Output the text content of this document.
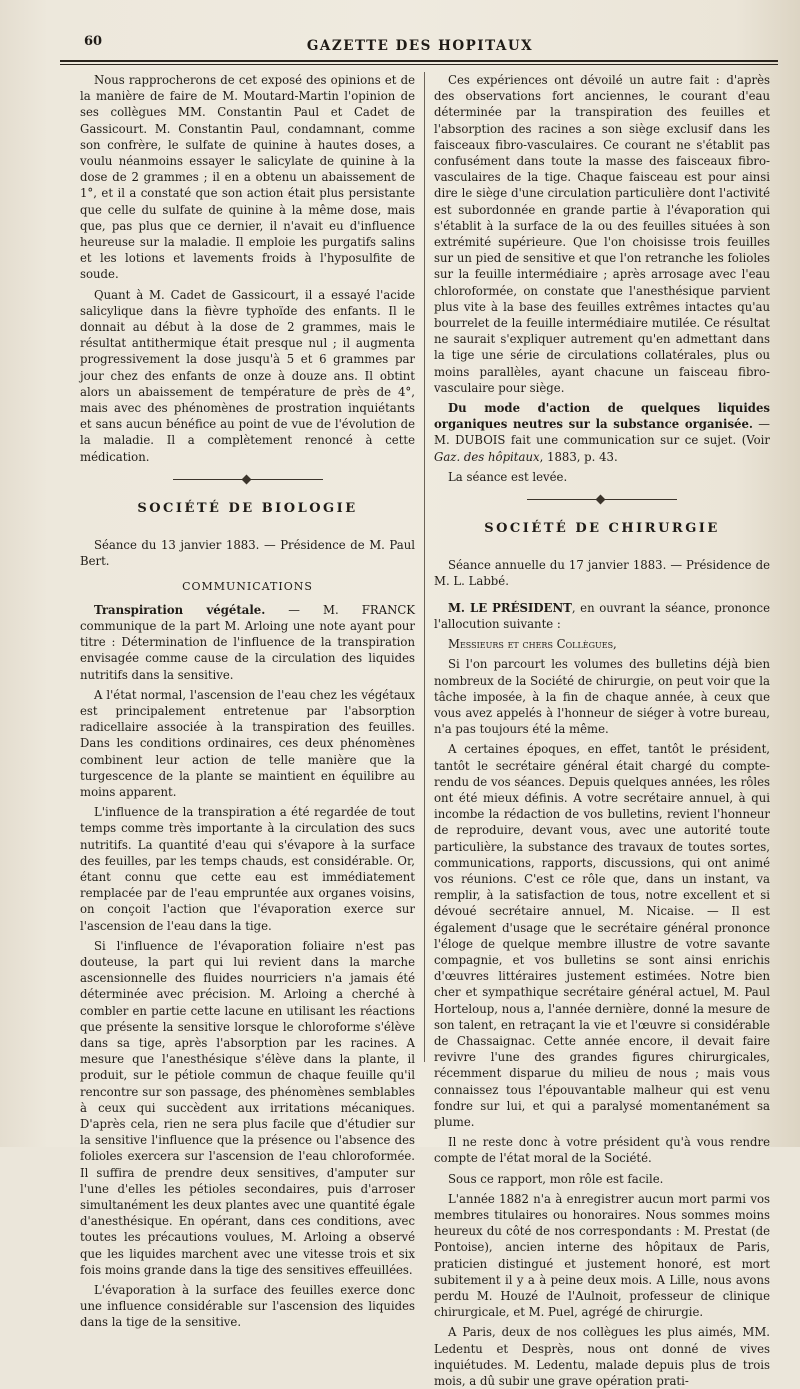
60	GAZETTE DES HOPITAUX

Nous rapprocherons de cet exposé des opinions et de la manière de faire de M. Moutard-Martin l'opinion de ses collègues MM. Constantin Paul et Cadet de Gassicourt. M. Constantin Paul, condamnant, comme son confrère, le sulfate de quinine à hautes doses, a voulu néanmoins essayer le salicylate de quinine à la dose de 2 grammes ; il en a obtenu un abaissement de 1°, et il a constaté que son action était plus persistante que celle du sulfate de quinine à la même dose, mais que, pas plus que ce dernier, il n'avait eu d'influence heureuse sur la maladie. Il emploie les purgatifs salins et les lotions et lavements froids à l'hyposulfite de soude.

Quant à M. Cadet de Gassicourt, il a essayé l'acide salicylique dans la fièvre typhoïde des enfants. Il le donnait au début à la dose de 2 grammes, mais le résultat antithermique était presque nul ; il augmenta progressivement la dose jusqu'à 5 et 6 grammes par jour chez des enfants de onze à douze ans. Il obtint alors un abaissement de température de près de 4°, mais avec des phénomènes de prostration inquiétants et sans aucun bénéfice au point de vue de l'évolution de la maladie. Il a complètement renoncé à cette médication.

SOCIÉTÉ DE BIOLOGIE

Séance du 13 janvier 1883. — Présidence de M. Paul Bert.

COMMUNICATIONS

Transpiration végétale. — M. FRANCK communique de la part M. Arloing une note ayant pour titre : Détermination de l'influence de la transpiration envisagée comme cause de la circulation des liquides nutritifs dans la sensitive.

A l'état normal, l'ascension de l'eau chez les végétaux est principalement entretenue par l'absorption radicellaire associée à la transpiration des feuilles. Dans les conditions ordinaires, ces deux phénomènes combinent leur action de telle manière que la turgescence de la plante se maintient en équilibre au moins apparent.

L'influence de la transpiration a été regardée de tout temps comme très importante à la circulation des sucs nutritifs. La quantité d'eau qui s'évapore à la surface des feuilles, par les temps chauds, est considérable. Or, étant connu que cette eau est immédiatement remplacée par de l'eau empruntée aux organes voisins, on conçoit l'action que l'évaporation exerce sur l'ascension de l'eau dans la tige.

Si l'influence de l'évaporation foliaire n'est pas douteuse, la part qui lui revient dans la marche ascensionnelle des fluides nourriciers n'a jamais été déterminée avec précision. M. Arloing a cherché à combler en partie cette lacune en utilisant les réactions que présente la sensitive lorsque le chloroforme s'élève dans sa tige, après l'absorption par les racines. A mesure que l'anesthésique s'élève dans la plante, il produit, sur le pétiole commun de chaque feuille qu'il rencontre sur son passage, des phénomènes semblables à ceux qui succèdent aux irritations mécaniques. D'après cela, rien ne sera plus facile que d'étudier sur la sensitive l'influence que la présence ou l'absence des folioles exercera sur l'ascension de l'eau chloroformée. Il suffira de prendre deux sensitives, d'amputer sur l'une d'elles les pétioles secondaires, puis d'arroser simultanément les deux plantes avec une quantité égale d'anesthésique. En opérant, dans ces conditions, avec toutes les précautions voulues, M. Arloing a observé que les liquides marchent avec une vitesse trois et six fois moins grande dans la tige des sensitives effeuillées.

L'évaporation à la surface des feuilles exerce donc une influence considérable sur l'ascension des liquides dans la tige de la sensitive.

Ces expériences ont dévoilé un autre fait : d'après des observations fort anciennes, le courant d'eau déterminée par la transpiration des feuilles et l'absorption des racines a son siège exclusif dans les faisceaux fibro-vasculaires. Ce courant ne s'établit pas confusément dans toute la masse des faisceaux fibro-vasculaires de la tige. Chaque faisceau est pour ainsi dire le siège d'une circulation particulière dont l'activité est subordonnée en grande partie à l'évaporation qui s'établit à la surface de la ou des feuilles situées à son extrémité supérieure. Que l'on choisisse trois feuilles sur un pied de sensitive et que l'on retranche les folioles sur la feuille intermédiaire ; après arrosage avec l'eau chloroformée, on constate que l'anesthésique parvient plus vite à la base des feuilles extrêmes intactes qu'au bourrelet de la feuille intermédiaire mutilée. Ce résultat ne saurait s'expliquer autrement qu'en admettant dans la tige une série de circulations collatérales, plus ou moins parallèles, ayant chacune un faisceau fibro-vasculaire pour siège.

Du mode d'action de quelques liquides organiques neutres sur la substance organisée. — M. DUBOIS fait une communication sur ce sujet. (Voir Gaz. des hôpitaux, 1883, p. 43.

La séance est levée.

SOCIÉTÉ DE CHIRURGIE

Séance annuelle du 17 janvier 1883. — Présidence de M. L. Labbé.

M. LE PRÉSIDENT, en ouvrant la séance, prononce l'allocution suivante :

Messieurs et chers Collègues,

Si l'on parcourt les volumes des bulletins déjà bien nombreux de la Société de chirurgie, on peut voir que la tâche imposée, à la fin de chaque année, à ceux que vous avez appelés à l'honneur de siéger à votre bureau, n'a pas toujours été la même.

A certaines époques, en effet, tantôt le président, tantôt le secrétaire général était chargé du compte-rendu de vos séances. Depuis quelques années, les rôles ont été mieux définis. A votre secrétaire annuel, à qui incombe la rédaction de vos bulletins, revient l'honneur de reproduire, devant vous, avec une autorité toute particulière, la substance des travaux de toutes sortes, communications, rapports, discussions, qui ont animé vos réunions. C'est ce rôle que, dans un instant, va remplir, à la satisfaction de tous, notre excellent et si dévoué secrétaire annuel, M. Nicaise. — Il est également d'usage que le secrétaire général prononce l'éloge de quelque membre illustre de votre savante compagnie, et vos bulletins se sont ainsi enrichis d'œuvres littéraires justement estimées. Notre bien cher et sympathique secrétaire général actuel, M. Paul Horteloup, nous a, l'année dernière, donné la mesure de son talent, en retraçant la vie et l'œuvre si considérable de Chassaignac. Cette année encore, il devait faire revivre l'une des grandes figures chirurgicales, récemment disparue du milieu de nous ; mais vous connaissez tous l'épouvantable malheur qui est venu fondre sur lui, et qui a paralysé momentanément sa plume.

Il ne reste donc à votre président qu'à vous rendre compte de l'état moral de la Société.

Sous ce rapport, mon rôle est facile.

L'année 1882 n'a à enregistrer aucun mort parmi vos membres titulaires ou honoraires. Nous sommes moins heureux du côté de nos correspondants : M. Prestat (de Pontoise), ancien interne des hôpitaux de Paris, praticien distingué et justement honoré, est mort subitement il y a à peine deux mois. A Lille, nous avons perdu M. Houzé de l'Aulnoit, professeur de clinique chirurgicale, et M. Puel, agrégé de chirurgie.

A Paris, deux de nos collègues les plus aimés, MM. Ledentu et Desprès, nous ont donné de vives inquiétudes. M. Ledentu, malade depuis plus de trois mois, a dû subir une grave opération prati-
